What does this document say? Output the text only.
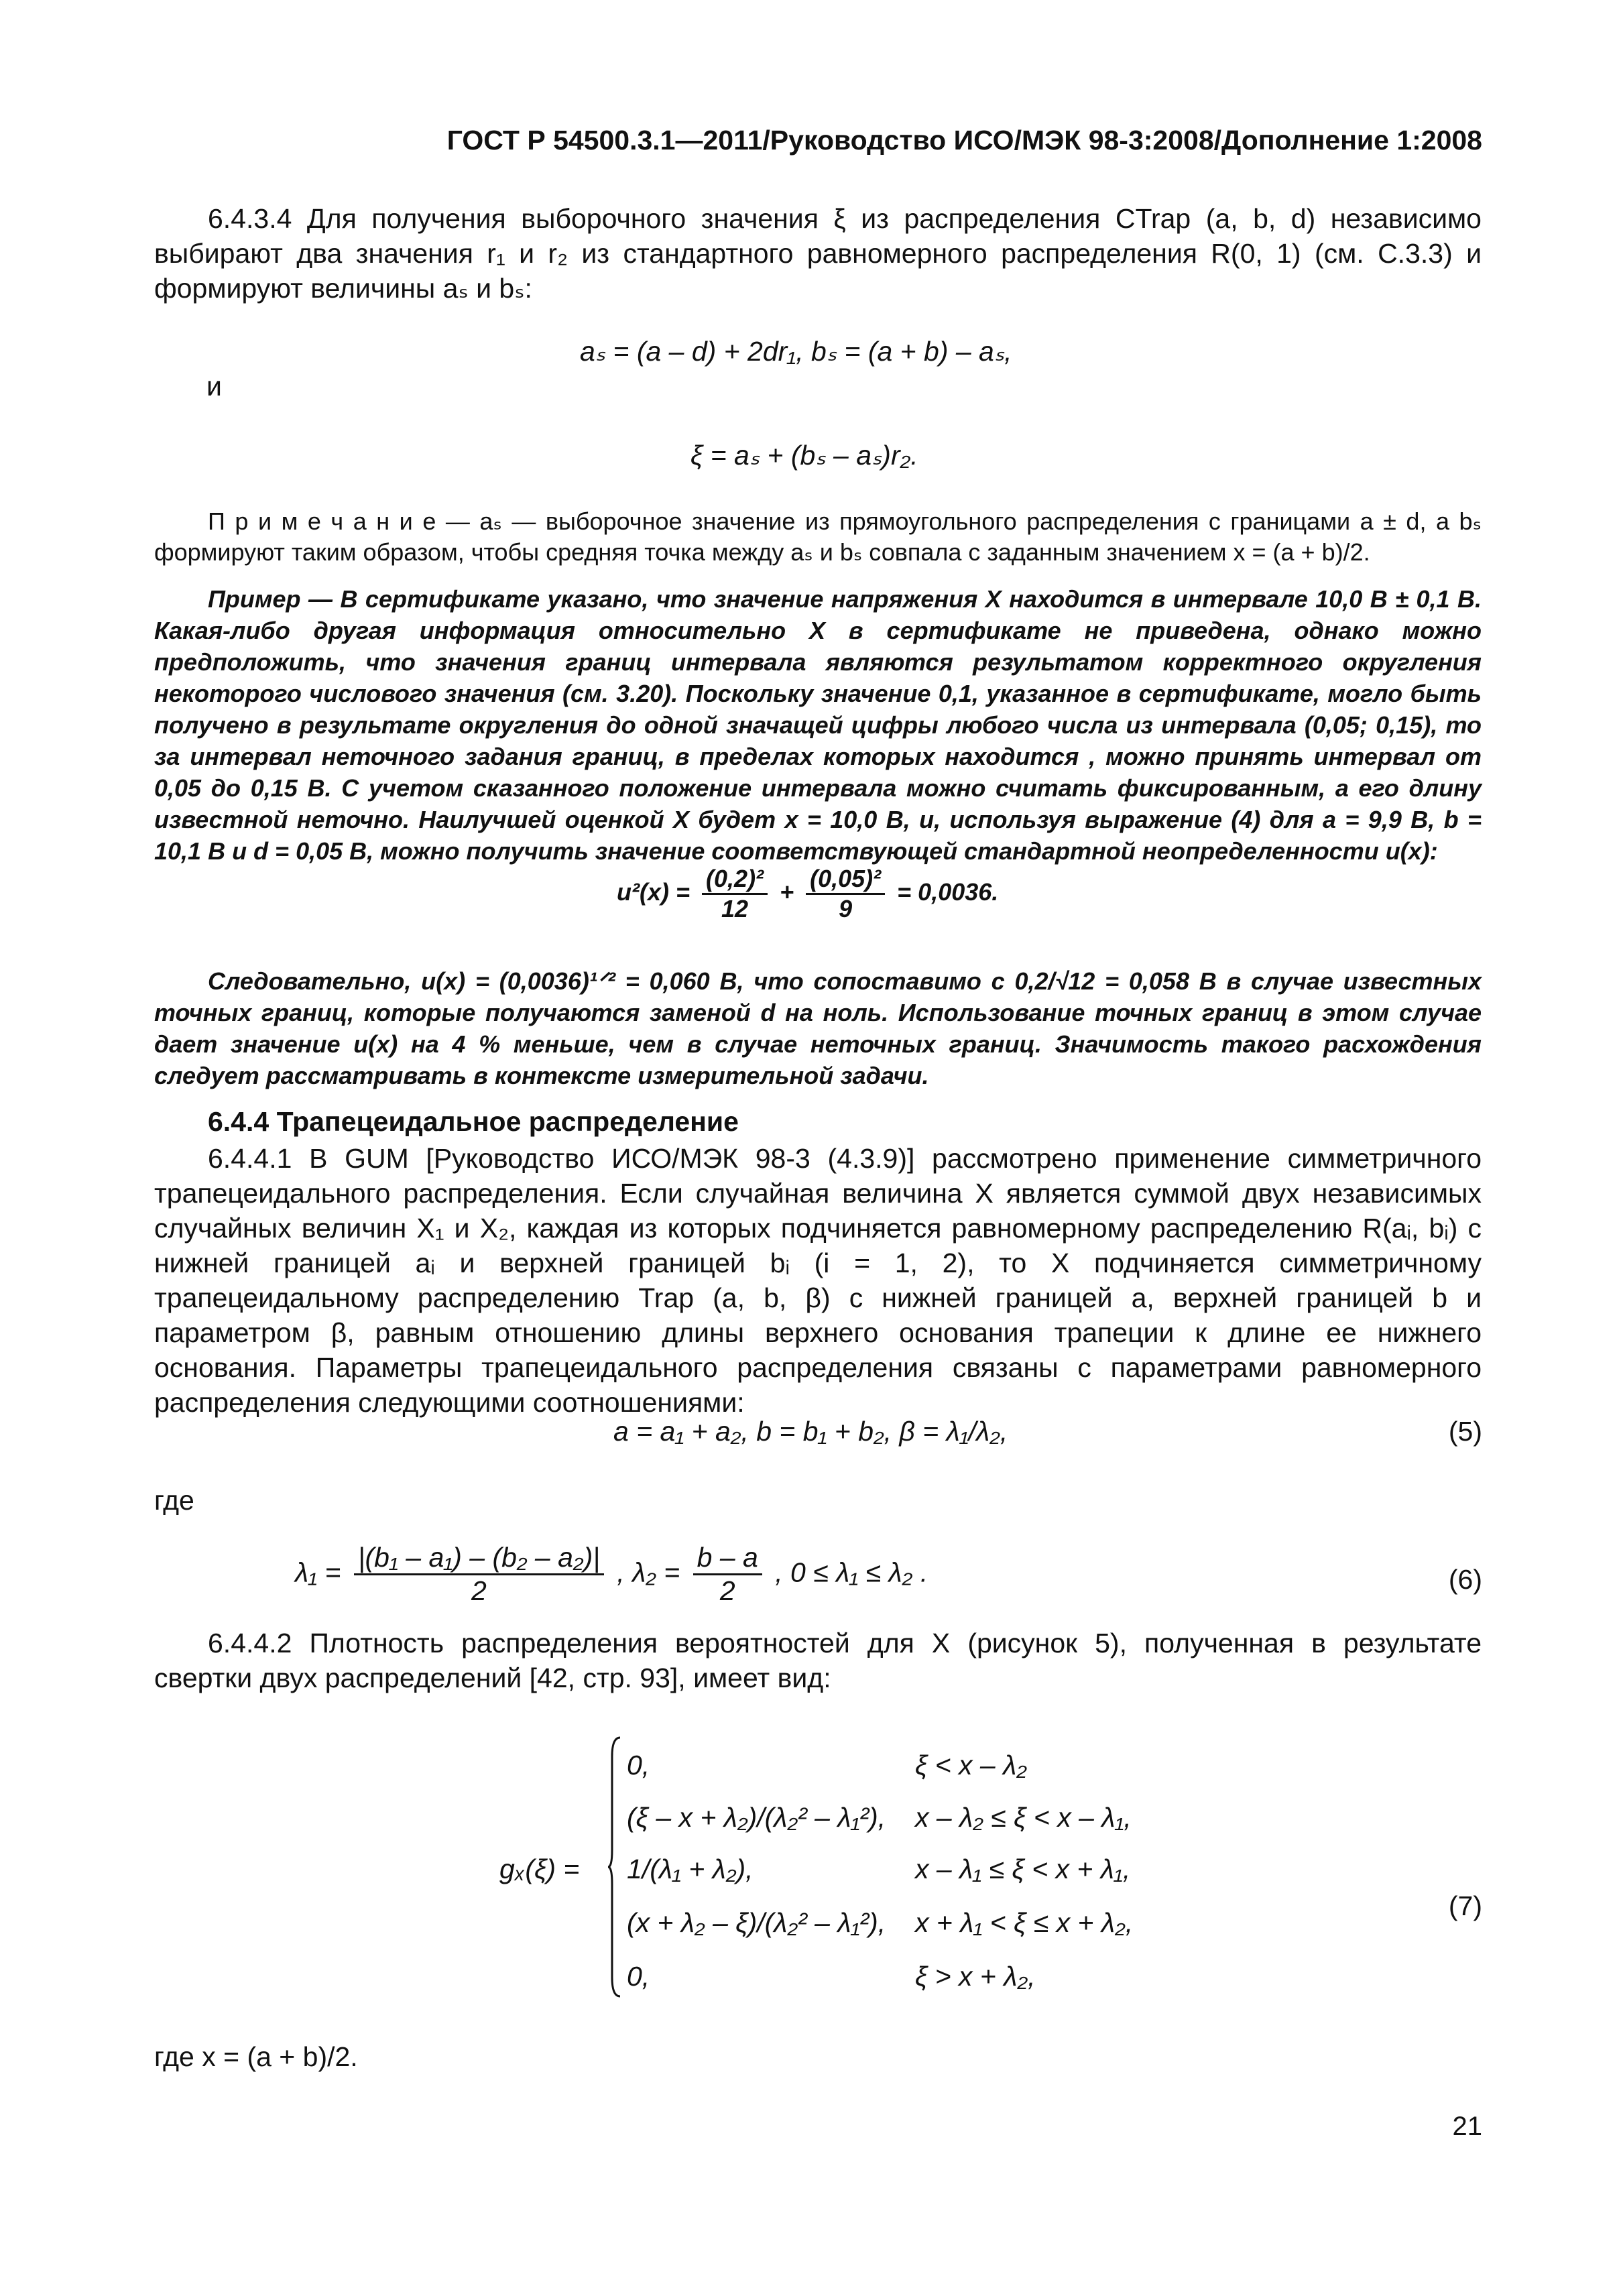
ГОСТ Р 54500.3.1—2011/Руководство ИСО/МЭК 98-3:2008/Дополнение 1:2008

6.4.3.4 Для получения выборочного значения ξ из распределения CTrap (a, b, d) независимо выбирают два значения r₁ и r₂ из стандартного равномерного распределения R(0, 1) (см. С.3.3) и формируют величины aₛ и bₛ:

aₛ = (a – d) + 2dr₁, bₛ = (a + b) – aₛ,
и
ξ = aₛ + (bₛ – aₛ)r₂.

П р и м е ч а н и е — aₛ — выборочное значение из прямоугольного распределения с границами a ± d, а bₛ формируют таким образом, чтобы средняя точка между aₛ и bₛ совпала с заданным значением x = (a + b)/2.

Пример — В сертификате указано, что значение напряжения X находится в интервале 10,0 В ± 0,1 В. Какая-либо другая информация относительно X в сертификате не приведена, однако можно предположить, что значения границ интервала являются результатом корректного округления некоторого числового значения (см. 3.20). Поскольку значение 0,1, указанное в сертификате, могло быть получено в результате округления до одной значащей цифры любого числа из интервала (0,05; 0,15), то за интервал неточного задания границ, в пределах которых находится , можно принять интервал от 0,05 до 0,15 В. С учетом сказанного положение интервала можно считать фиксированным, а его длину известной неточно. Наилучшей оценкой X будет x = 10,0 В, и, используя выражение (4) для a = 9,9 В, b = 10,1 В и d = 0,05 В, можно получить значение соответствующей стандартной неопределенности u(x):

$u^2(x) = \frac{\text{(0,2)²}}{12} + \frac{\text{(0,05)²}}{9} = 0,0036$.

Следовательно, u(x) = (0,0036)¹ᐟ² = 0,060 В, что сопоставимо с 0,2/√12 = 0,058 В в случае известных точных границ, которые получаются заменой d на ноль. Использование точных границ в этом случае дает значение u(x) на 4 % меньше, чем в случае неточных границ. Значимость такого расхождения следует рассматривать в контексте измерительной задачи.

6.4.4 Трапецеидальное распределение

6.4.4.1 В GUM [Руководство ИСО/МЭК 98-3 (4.3.9)] рассмотрено применение симметричного трапецеидального распределения. Если случайная величина X является суммой двух независимых случайных величин X₁ и X₂, каждая из которых подчиняется равномерному распределению R(aᵢ, bᵢ) с нижней границей aᵢ и верхней границей bᵢ (i = 1, 2), то X подчиняется симметричному трапецеидальному распределению Trap (a, b, β) с нижней границей a, верхней границей b и параметром β, равным отношению длины верхнего основания трапеции к длине ее нижнего основания. Параметры трапецеидального распределения связаны с параметрами равномерного распределения следующими соотношениями:

a = a₁ + a₂, b = b₁ + b₂, β = λ₁/λ₂,	(5)
где
$\lambda_1 = \frac{\text{|(b₁ – a₁) – (b₂ – a₂)|}}{2}$ , $\lambda_2 = \frac{b - a}{2}$ , 0 ≤ λ₁ ≤ λ₂ .	(6)

6.4.4.2 Плотность распределения вероятностей для X (рисунок 5), полученная в результате свертки двух распределений [42, стр. 93], имеет вид:

gₓ(ξ) =
0,	ξ < x – λ₂
(ξ – x + λ₂)/(λ₂² – λ₁²), x – λ₂ ≤ ξ < x – λ₁,
1/(λ₁ + λ₂),	x – λ₁ ≤ ξ < x + λ₁,
(x + λ₂ – ξ)/(λ₂² – λ₁²), x + λ₁ < ξ ≤ x + λ₂,
0,	ξ > x + λ₂,
(7)
где x = (a + b)/2.
21
